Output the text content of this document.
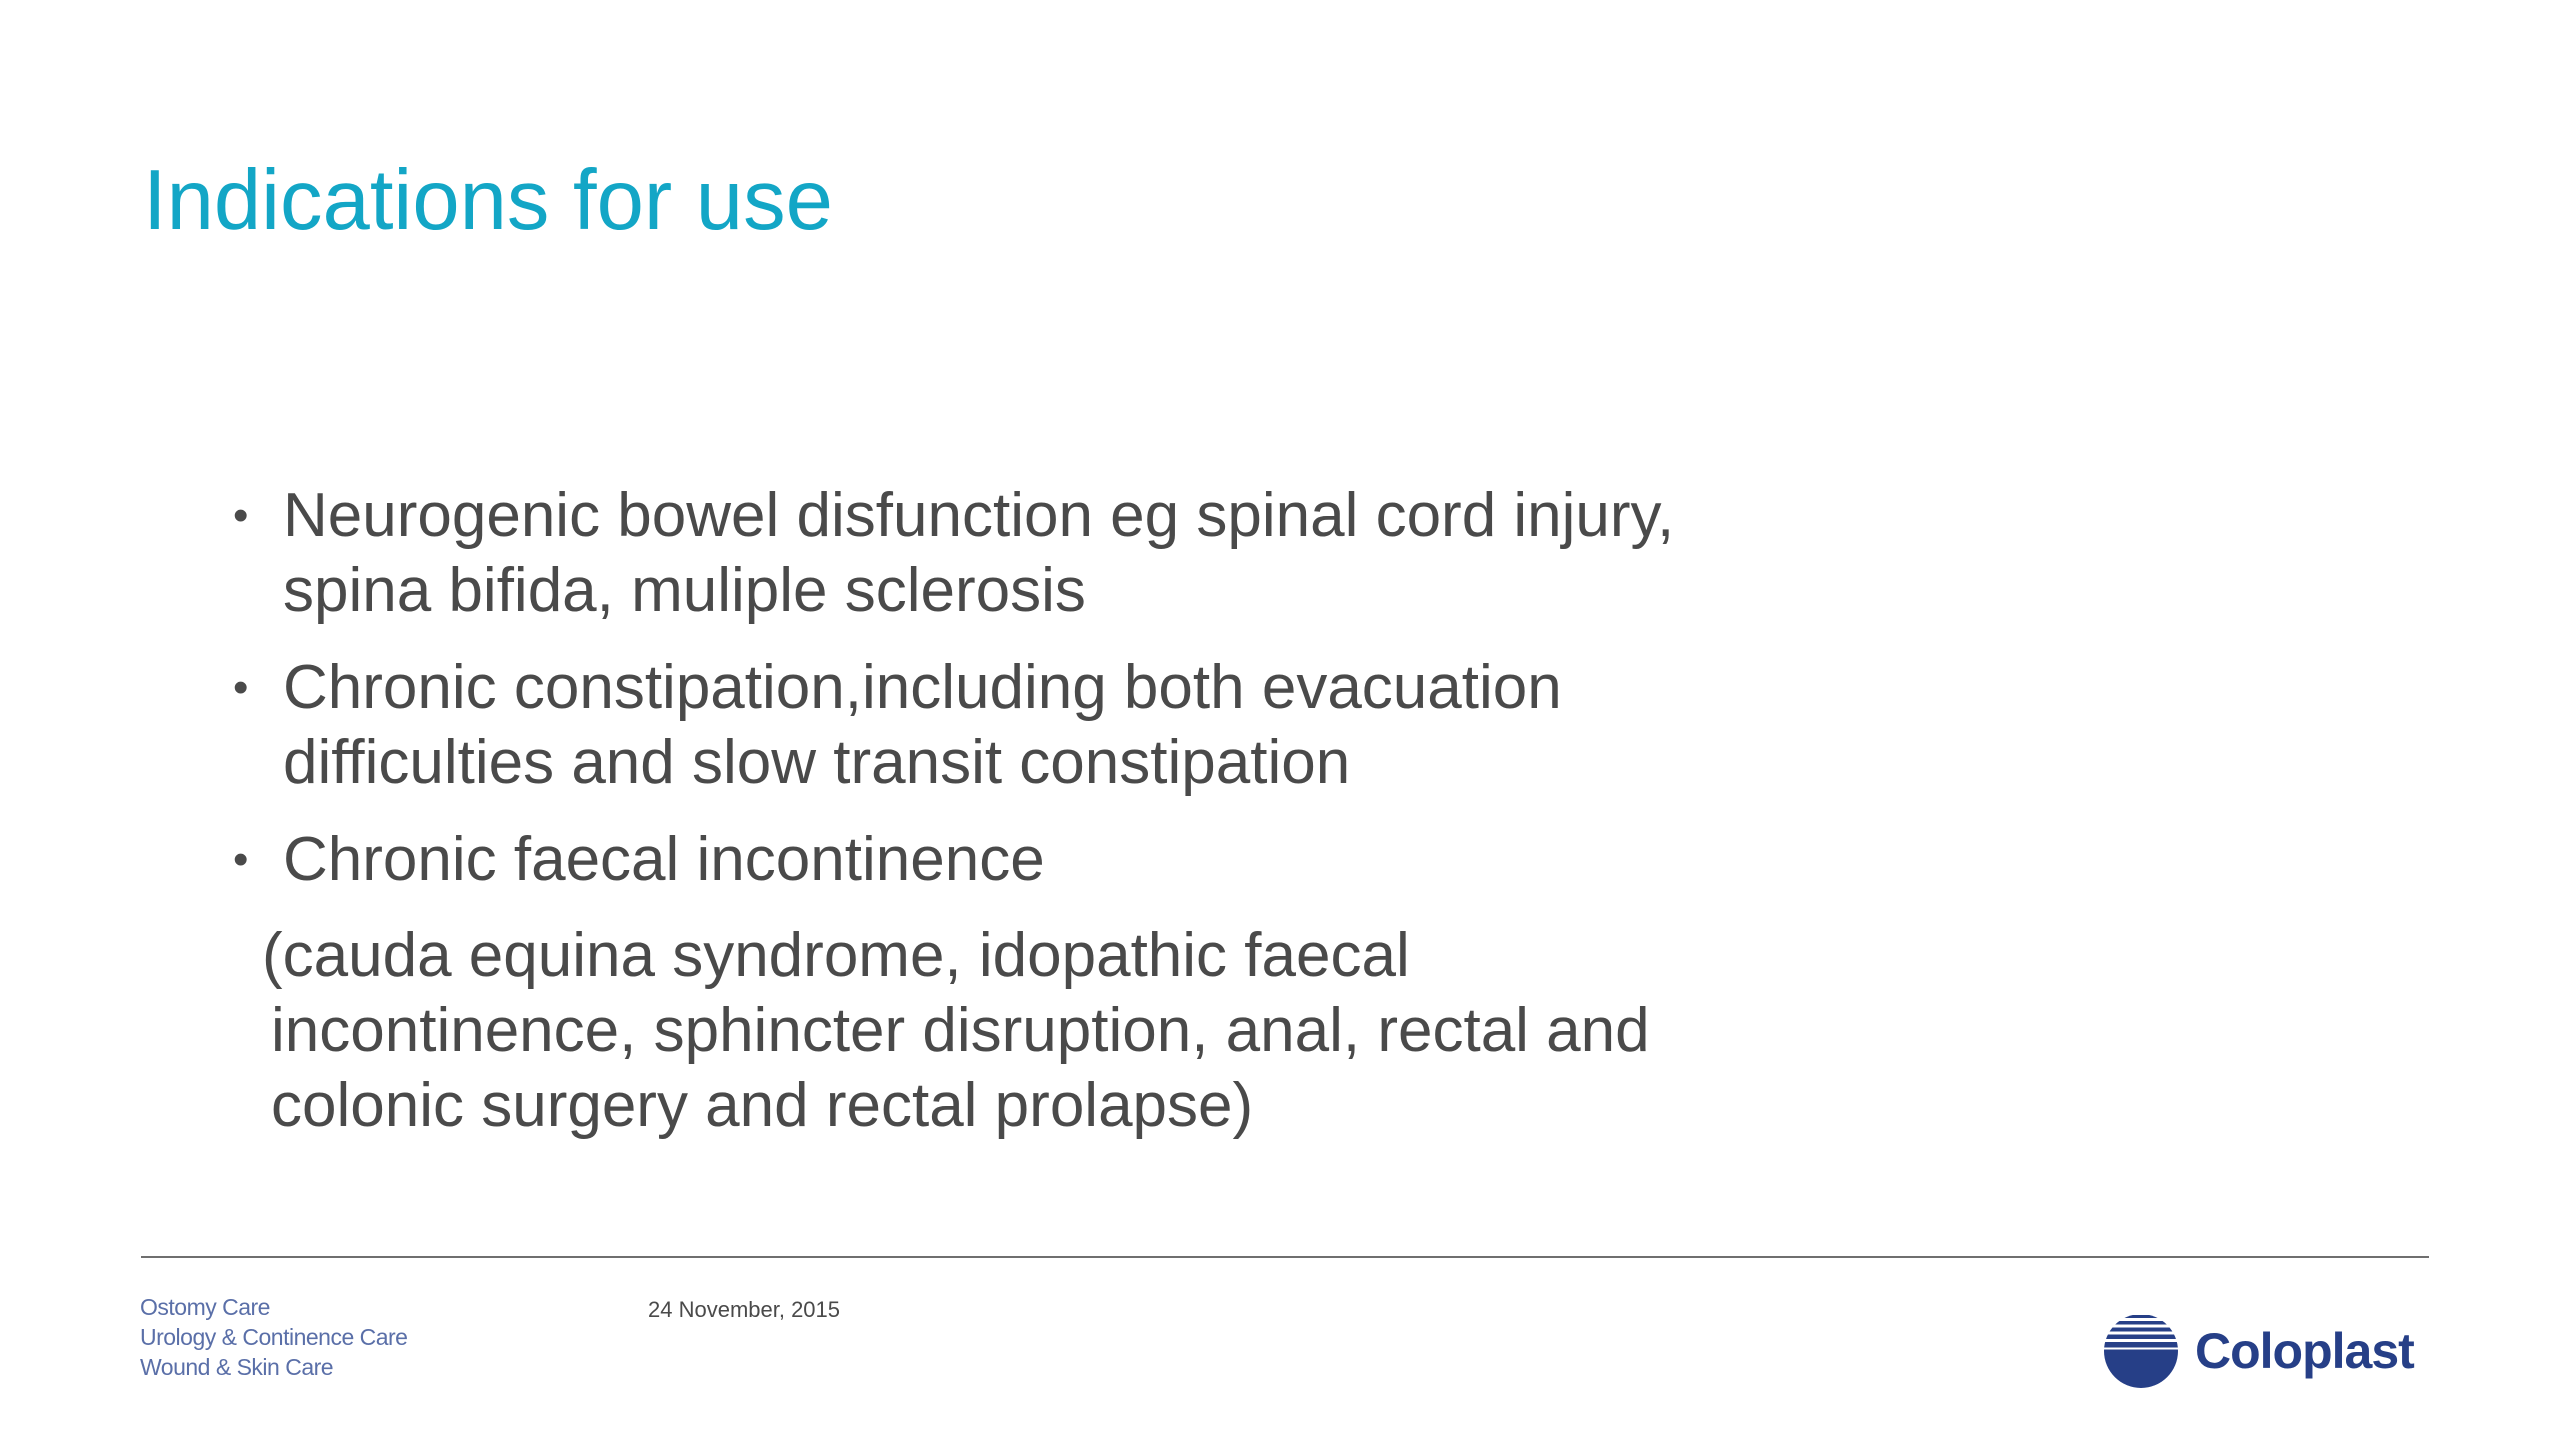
Indications for use
• Neurogenic bowel disfunction eg spinal cord injury, spina bifida, muliple sclerosis
• Chronic constipation,including both evacuation difficulties and slow transit constipation
• Chronic faecal incontinence
(cauda equina syndrome, idopathic faecal incontinence, sphincter disruption, anal, rectal and colonic surgery and rectal prolapse)
Ostomy Care
Urology & Continence Care
Wound & Skin Care
24 November, 2015
Coloplast
